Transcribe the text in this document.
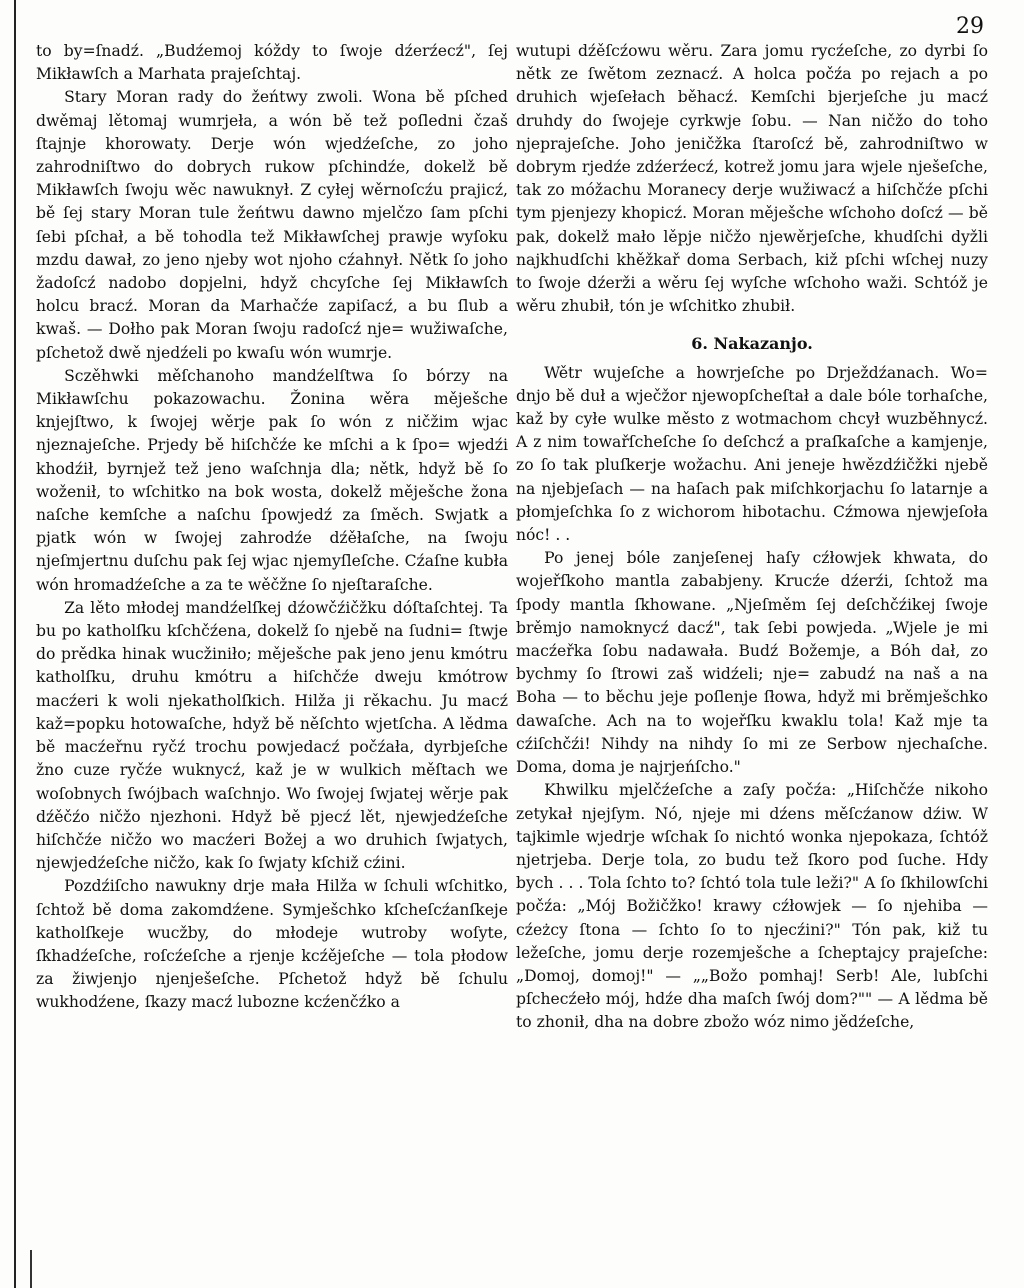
29

to by=ſnadź. „Budźemoj kóždy to ſwoje dźerźecź", ſej Mikławſch a Marhata prajeſchtaj.

Stary Moran rady do žeńtwy zwoli. Wona bě pſched dwěmaj lětomaj wumrjeła, a wón bě tež poſledni čzaš ſtajnje khorowaty. Derje wón wjedźeſche, zo joho zahrodniſtwo do dobrych rukow pſchindźe, dokelž bě Mikławſch ſwoju wěc nawuknył. Z cyłej wěrnoſcźu prajicź, bě ſej stary Moran tule žeńtwu dawno mjelčzo ſam pſchi ſebi pſchał, a bě tohodla tež Mikławſchej prawje wyſoku mzdu dawał, zo jeno njeby wot njoho cźahnył. Nětk ſo joho žadoſcź nadobo dopjelni, hdyž chcyſche ſej Mikławſch holcu bracź. Moran da Marhačźe zapiſacź, a bu ſlub a kwaš. — Dołho pak Moran ſwoju radoſcź nje= wužiwaſche, pſchetož dwě njedźeli po kwaſu wón wumrje.

Sczěhwki měſchanoho mandźelſtwa ſo bórzy na Mikławſchu pokazowachu. Žonina wěra měješche knjejſtwo, k ſwojej wěrje pak ſo wón z ničžim wjac njeznajeſche. Prjedy bě hiſchčźe ke mſchi a k ſpo= wjedźi khodźił, byrnjež tež jeno waſchnja dla; nětk, hdyž bě ſo woženił, to wſchitko na bok wosta, dokelž měješche žona naſche kemſche a naſchu ſpowjedź za ſměch. Swjatk a pjatk wón w ſwojej zahrodźe dźěłaſche, na ſwoju njeſmjertnu duſchu pak ſej wjac njemyſleſche. Cźaſne kubła wón hromadźeſche a za te wěčžne ſo njeſtaraſche.

Za lěto młodej mandźelſkej dźowčźičžku dóſtaſchtej. Ta bu po katholſku kſchčźena, dokelž ſo njebě na ſudni= ſtwje do prědka hinak wucžiniło; měješche pak jeno jenu kmótru katholſku, druhu kmótru a hiſchčźe dweju kmótrow macźeri k woli njekatholſkich. Hilža ji rěkachu. Ju macź kaž=popku hotowaſche, hdyž bě něſchto wjetſcha. A lědma bě macźeřnu ryčź trochu powjedacź počźała, dyrbjeſche žno cuze ryčźe wuknycź, kaž je w wulkich měſtach we woſobnych ſwójbach waſchnjo. Wo ſwojej ſwjatej wěrje pak dźěčźo ničžo njezhoni. Hdyž bě pjecź lět, njewjedźeſche hiſchčźe ničžo wo macźeri Božej a wo druhich ſwjatych, njewjedźeſche ničžo, kak ſo ſwjaty kſchiž cźini.

Pozdźiſcho nawukny drje mała Hilža w ſchuli wſchitko, ſchtož bě doma zakomdźene. Symješchko kſcheſcźanſkeje katholſkeje wucžby, do młodeje wutroby woſyte, ſkhadźeſche, roſcźeſche a rjenje kcźějeſche — tola płodow za žiwjenjo njenješeſche. Pſchetož hdyž bě ſchulu wukhodźene, ſkazy macź lubozne kcźenčźko a

wutupi dźěſcźowu wěru. Zara jomu rycźeſche, zo dyrbi ſo nětk ze ſwětom zeznacź. A holca počźa po rejach a po druhich wjeſełach běhacź. Kemſchi bjerjeſche ju macź druhdy do ſwojeje cyrkwje ſobu. — Nan ničžo do toho njeprajeſche. Joho jeničžka ſtaroſcź bě, zahrodniſtwo w dobrym rjedźe zdźerźecź, kotrež jomu jara wjele nješeſche, tak zo móžachu Moranecy derje wužiwacź a hiſchčźe pſchi tym pjenjezy khopicź. Moran měješche wſchoho doſcź — bě pak, dokelž mało lěpje ničžo njewěrjeſche, khudſchi dyžli najkhudſchi khěžkař doma Serbach, kiž pſchi wſchej nuzy to ſwoje dźerži a wěru ſej wyſche wſchoho waži. Schtóž je wěru zhubił, tón je wſchitko zhubił.

6. Nakazanjo.

Wětr wujeſche a howrjeſche po Drježdźanach. Wo= dnjo bě duł a wječžor njewopſcheſtał a dale bóle torhaſche, kaž by cyłe wulke město z wotmachom chcył wuzběhnycź. A z nim towařſcheſche ſo deſchcź a praſkaſche a kamjenje, zo ſo tak pluſkerje wožachu. Ani jeneje hwězdźičžki njebě na njebjeſach — na haſach pak miſchkorjachu ſo latarnje a płomjeſchka ſo z wichorom hibotachu. Cźmowa njewjeſoła nóc! . .

Po jenej bóle zanjeſenej haſy cźłowjek khwata, do wojeřſkoho mantla zababjeny. Krucźe dźerźi, ſchtož ma ſpody mantla ſkhowane. „Njeſměm ſej deſchčźikej ſwoje brěmjo namoknycź dacź", tak ſebi powjeda. „Wjele je mi macźeřka ſobu nadawała. Budź Božemje, a Bóh dał, zo bychmy ſo ſtrowi zaš widźeli; nje= zabudź na naš a na Boha — to běchu jeje poſlenje ſłowa, hdyž mi brěmješchko dawaſche. Ach na to wojeřſku kwaklu tola! Kaž mje ta cźiſchčźi! Nihdy na nihdy ſo mi ze Serbow njechaſche. Doma, doma je najrjeńſcho."

Khwilku mjelčźeſche a zaſy počźa: „Hiſchčźe nikoho zetykał njejſym. Nó, njeje mi dźens měſcźanow dźiw. W tajkimle wjedrje wſchak ſo nichtó wonka njepokaza, ſchtóž njetrjeba. Derje tola, zo budu tež ſkoro pod ſuche. Hdy bych . . . Tola ſchto to? ſchtó tola tule leži?" A ſo ſkhilowſchi počźa: „Mój Božičžko! krawy cźłowjek — ſo njehiba — cźeżcy ſtona — ſchto ſo to njecźini?" Tón pak, kiž tu ležeſche, jomu derje rozemješche a ſcheptajcy prajeſche: „Domoj, domoj!" — „„Božo pomhaj! Serb! Ale, lubſchi pſchecźeło mój, hdźe dha maſch ſwój dom?"" — A lědma bě to zhonił, dha na dobre zbožo wóz nimo jědźeſche,
